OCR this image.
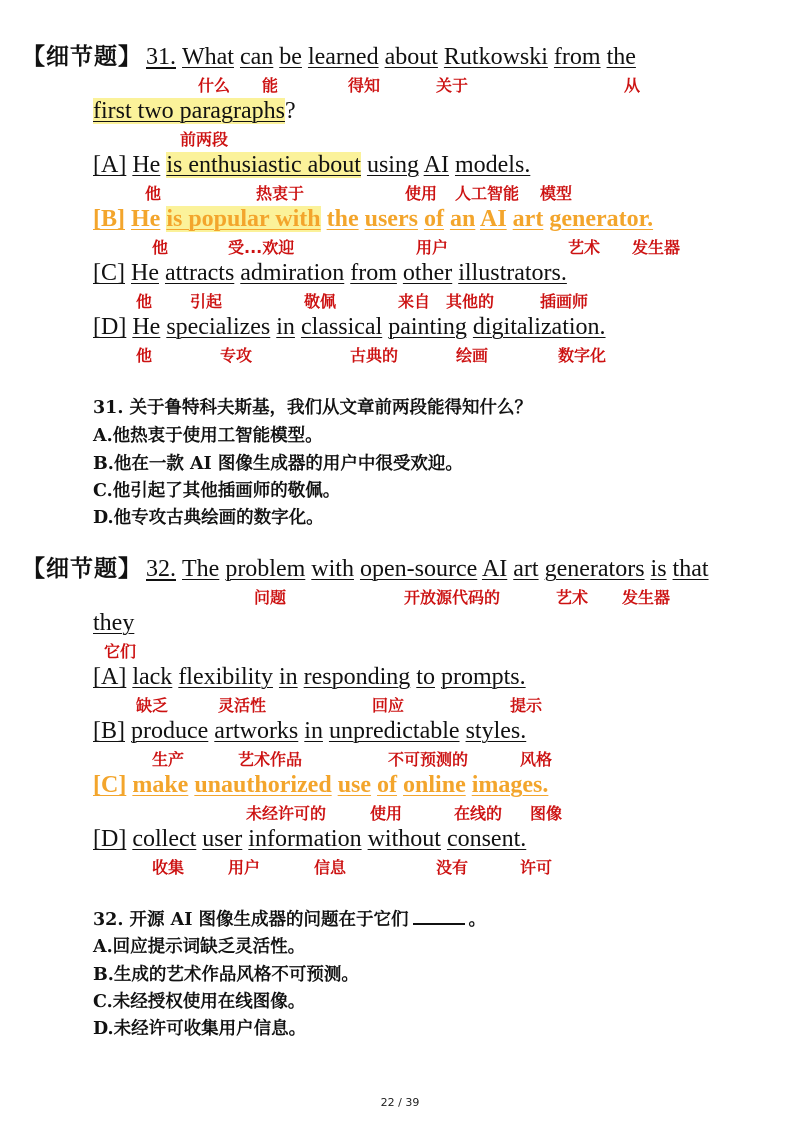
【细节题】 31. What can be learned about Rutkowski from the
什么 能	得知	关于	从
first two paragraphs?
前两段
[A] He is enthusiastic about using AI models.
他	热衷于	使用 人工智能 模型
[B] He is popular with the users of an AI art generator.
他	受...欢迎	用户	艺术 发生器
[C] He attracts admiration from other illustrators.
他 引起	敬佩	来自 其他的	插画师
[D] He specializes in classical painting digitalization.
他	专攻	古典的	绘画	数字化
31. 关于鲁特科夫斯基，我们从文章前两段能得知什么？
A.他热衷于使用工智能模型。
B.他在一款 AI 图像生成器的用户中很受欢迎。
C.他引起了其他插画师的敬佩。
D.他专攻古典绘画的数字化。
【细节题】 32. The problem with open-source AI art generators is that
问题	开放源代码的	艺术 发生器
they
它们
[A] lack flexibility in responding to prompts.
缺乏	灵活性	回应	提示
[B] produce artworks in unpredictable styles.
生产	艺术作品	不可预测的	风格
[C] make unauthorized use of online images.
未经许可的	使用	在线的 图像
[D] collect user information without consent.
收集	用户	信息	没有	许可
32. 开源 AI 图像生成器的问题在于它们	。
A.回应提示词缺乏灵活性。
B.生成的艺术作品风格不可预测。
C.未经授权使用在线图像。
D.未经许可收集用户信息。
22 / 39
